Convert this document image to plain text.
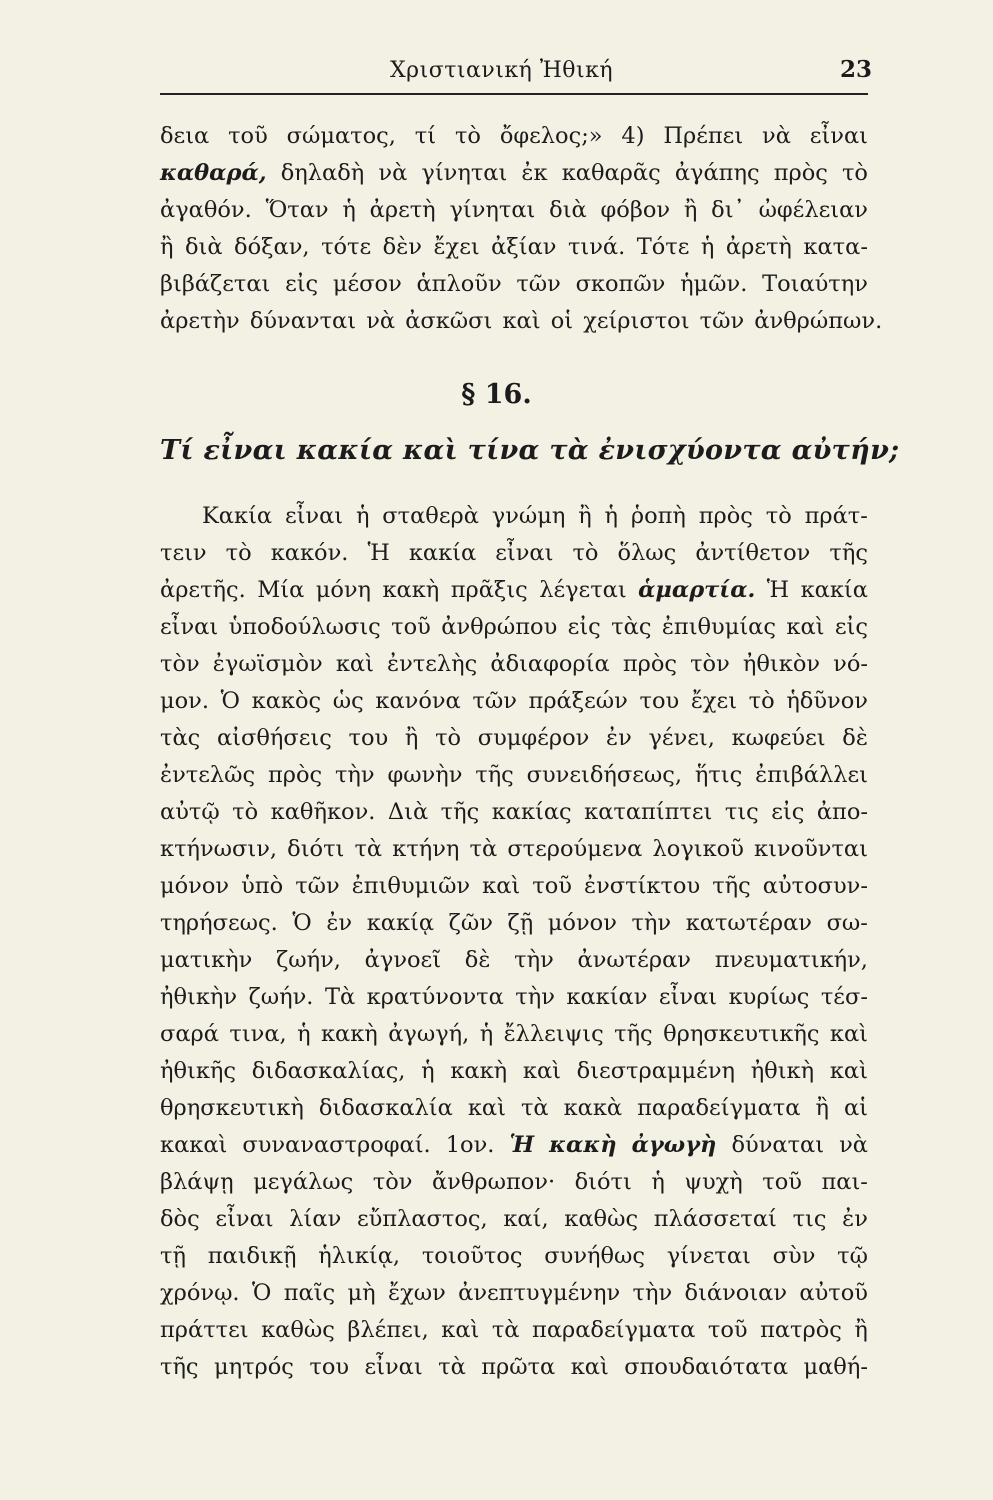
Χριστιανική Ἠθική	23
δεια τοῦ σώματος, τί τὸ ὄφελος;» 4) Πρέπει νὰ εἶναι
καθαρά, δηλαδὴ νὰ γίνηται ἐκ καθαρᾶς ἀγάπης πρὸς τὸ
ἀγαθόν. Ὅταν ἡ ἀρετὴ γίνηται διὰ φόβον ἢ δι᾽ ὠφέλειαν
ἢ διὰ δόξαν, τότε δὲν ἔχει ἀξίαν τινά. Τότε ἡ ἀρετὴ κατα-
βιβάζεται εἰς μέσον ἁπλοῦν τῶν σκοπῶν ἡμῶν. Τοιαύτην
ἀρετὴν δύνανται νὰ ἀσκῶσι καὶ οἱ χείριστοι τῶν ἀνθρώπων.
§ 16.
Τί εἶναι κακία καὶ τίνα τὰ ἐνισχύοντα αὐτήν;
Κακία εἶναι ἡ σταθερὰ γνώμη ἢ ἡ ῥοπὴ πρὸς τὸ πράτ-
τειν τὸ κακόν. Ἡ κακία εἶναι τὸ ὅλως ἀντίθετον τῆς
ἀρετῆς. Μία μόνη κακὴ πρᾶξις λέγεται ἁμαρτία. Ἡ κακία
εἶναι ὑποδούλωσις τοῦ ἀνθρώπου εἰς τὰς ἐπιθυμίας καὶ εἰς
τὸν ἐγωϊσμὸν καὶ ἐντελὴς ἀδιαφορία πρὸς τὸν ἠθικὸν νό-
μον. Ὁ κακὸς ὡς κανόνα τῶν πράξεών του ἔχει τὸ ἡδῦνον
τὰς αἰσθήσεις του ἢ τὸ συμφέρον ἐν γένει, κωφεύει δὲ
ἐντελῶς πρὸς τὴν φωνὴν τῆς συνειδήσεως, ἥτις ἐπιβάλλει
αὐτῷ τὸ καθῆκον. Διὰ τῆς κακίας καταπίπτει τις εἰς ἀπο-
κτήνωσιν, διότι τὰ κτήνη τὰ στερούμενα λογικοῦ κινοῦνται
μόνον ὑπὸ τῶν ἐπιθυμιῶν καὶ τοῦ ἐνστίκτου τῆς αὐτοσυν-
τηρήσεως. Ὁ ἐν κακίᾳ ζῶν ζῇ μόνον τὴν κατωτέραν σω-
ματικὴν ζωήν, ἀγνοεῖ δὲ τὴν ἀνωτέραν πνευματικήν,
ἠθικὴν ζωήν. Τὰ κρατύνοντα τὴν κακίαν εἶναι κυρίως τέσ-
σαρά τινα, ἡ κακὴ ἀγωγή, ἡ ἔλλειψις τῆς θρησκευτικῆς καὶ
ἠθικῆς διδασκαλίας, ἡ κακὴ καὶ διεστραμμένη ἠθικὴ καὶ
θρησκευτικὴ διδασκαλία καὶ τὰ κακὰ παραδείγματα ἢ αἱ
κακαὶ συναναστροφαί. 1ον. Ἡ κακὴ ἀγωγὴ δύναται νὰ
βλάψῃ μεγάλως τὸν ἄνθρωπον· διότι ἡ ψυχὴ τοῦ παι-
δὸς εἶναι λίαν εὔπλαστος, καί, καθὼς πλάσσεταί τις ἐν
τῇ παιδικῇ ἡλικίᾳ, τοιοῦτος συνήθως γίνεται σὺν τῷ
χρόνῳ. Ὁ παῖς μὴ ἔχων ἀνεπτυγμένην τὴν διάνοιαν αὐτοῦ
πράττει καθὼς βλέπει, καὶ τὰ παραδείγματα τοῦ πατρὸς ἢ
τῆς μητρός του εἶναι τὰ πρῶτα καὶ σπουδαιότατα μαθή-
